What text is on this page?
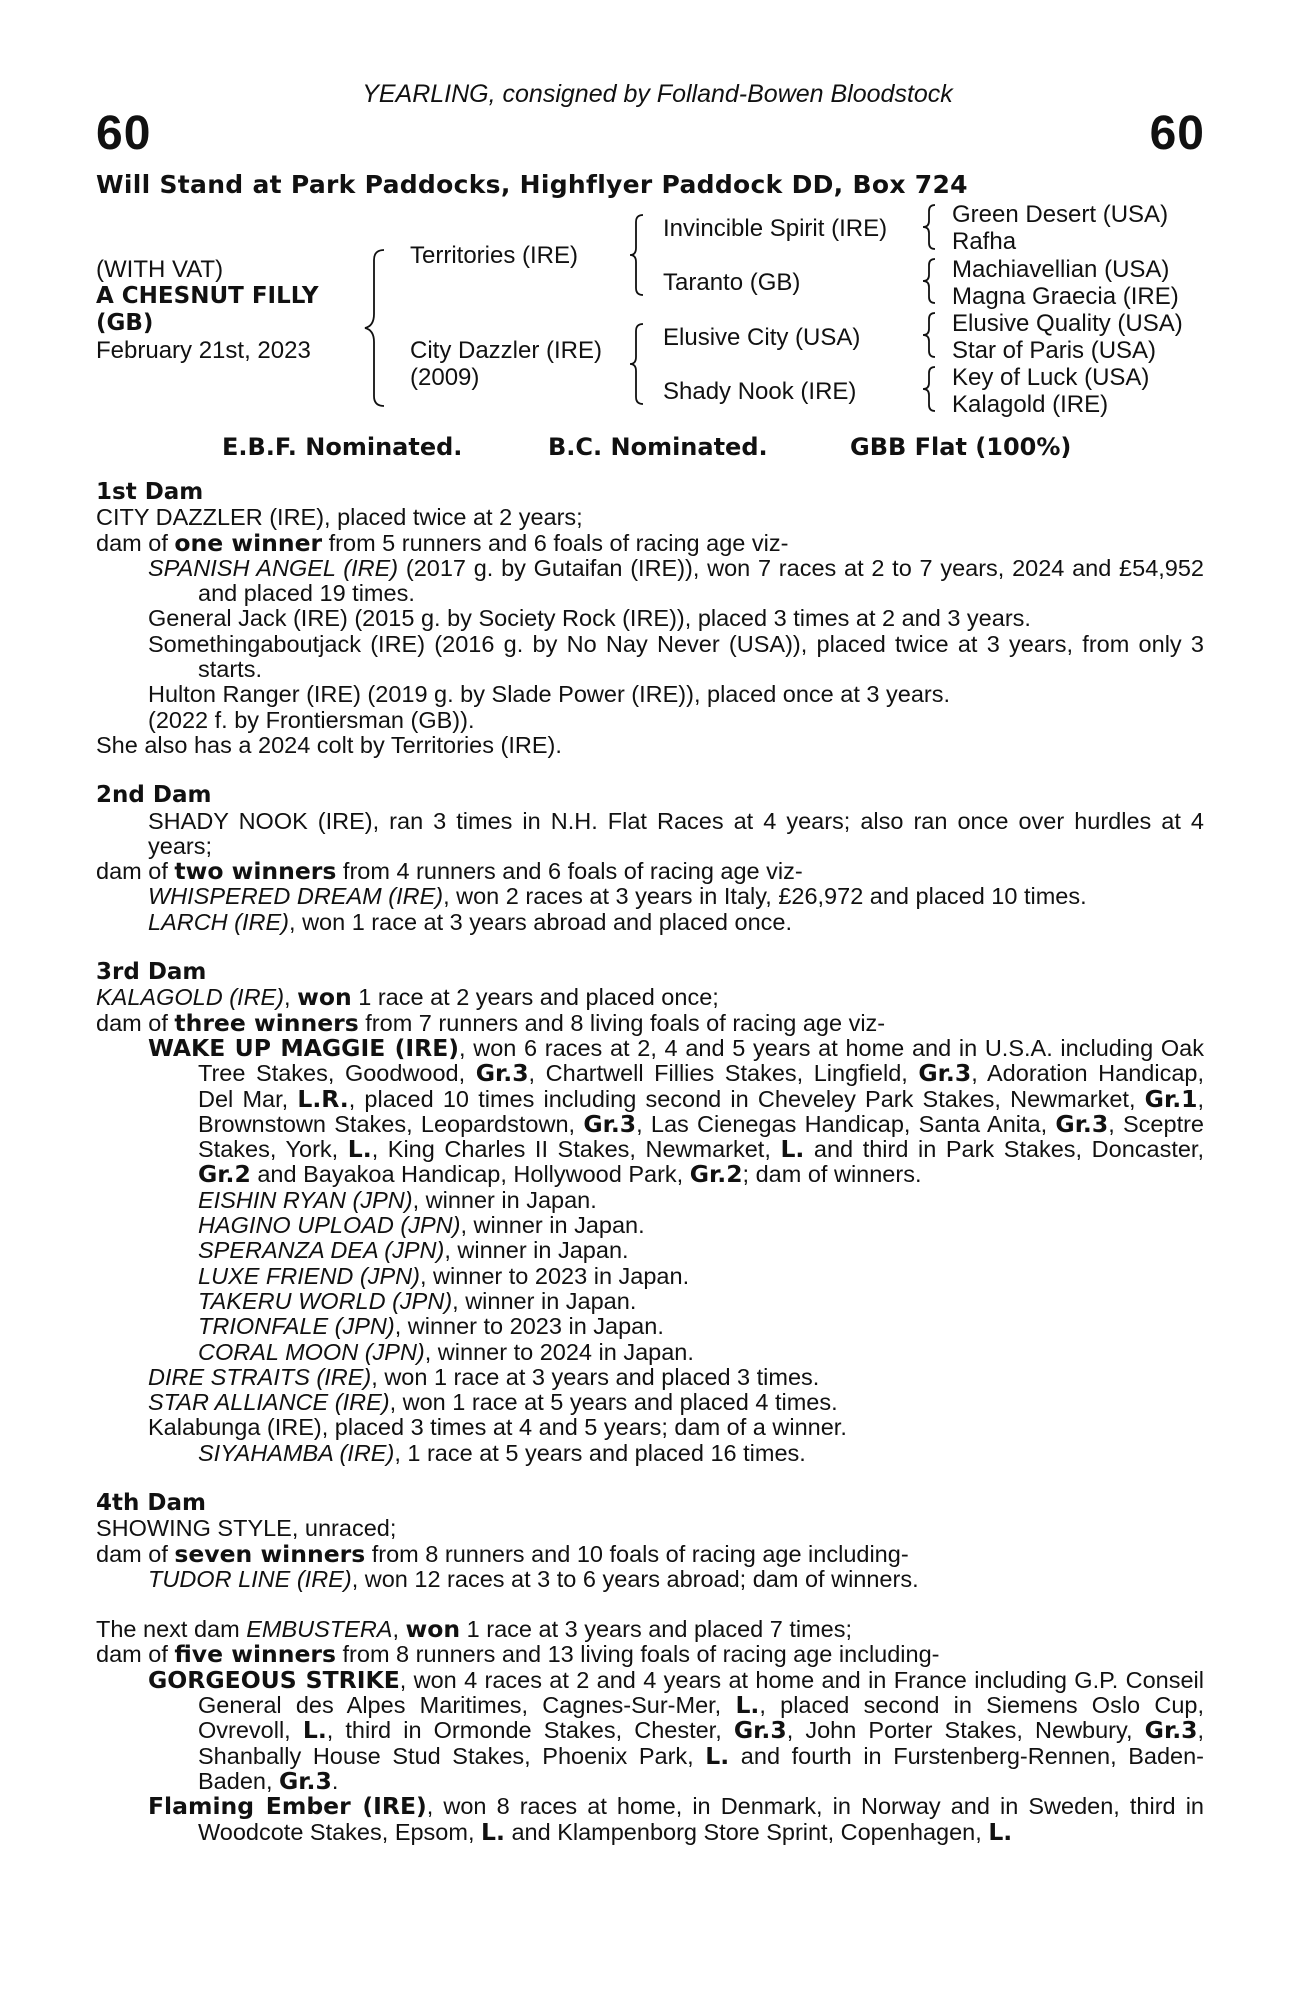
YEARLING, consigned by Folland-Bowen Bloodstock
60	60
Will Stand at Park Paddocks, Highflyer Paddock DD, Box 724
(WITH VAT)
A CHESNUT FILLY
(GB)
February 21st, 2023
Territories (IRE)
City Dazzler (IRE)
(2009)
Invincible Spirit (IRE)
Taranto (GB)
Elusive City (USA)
Shady Nook (IRE)
Green Desert (USA)
Rafha
Machiavellian (USA)
Magna Graecia (IRE)
Elusive Quality (USA)
Star of Paris (USA)
Key of Luck (USA)
Kalagold (IRE)
E.B.F. Nominated.	B.C. Nominated.	GBB Flat (100%)

1st Dam

CITY DAZZLER (IRE), placed twice at 2 years;

dam of one winner from 5 runners and 6 foals of racing age viz-

SPANISH ANGEL (IRE) (2017 g. by Gutaifan (IRE)), won 7 races at 2 to 7 years, 2024 and £54,952 and placed 19 times.

General Jack (IRE) (2015 g. by Society Rock (IRE)), placed 3 times at 2 and 3 years.

Somethingaboutjack (IRE) (2016 g. by No Nay Never (USA)), placed twice at 3 years, from only 3 starts.

Hulton Ranger (IRE) (2019 g. by Slade Power (IRE)), placed once at 3 years.

(2022 f. by Frontiersman (GB)).

She also has a 2024 colt by Territories (IRE).

2nd Dam

SHADY NOOK (IRE), ran 3 times in N.H. Flat Races at 4 years; also ran once over hurdles at 4 years;

dam of two winners from 4 runners and 6 foals of racing age viz-

WHISPERED DREAM (IRE), won 2 races at 3 years in Italy, £26,972 and placed 10 times.

LARCH (IRE), won 1 race at 3 years abroad and placed once.

3rd Dam

KALAGOLD (IRE), won 1 race at 2 years and placed once;

dam of three winners from 7 runners and 8 living foals of racing age viz-

WAKE UP MAGGIE (IRE), won 6 races at 2, 4 and 5 years at home and in U.S.A. including Oak Tree Stakes, Goodwood, Gr.3, Chartwell Fillies Stakes, Lingfield, Gr.3, Adoration Handicap, Del Mar, L.R., placed 10 times including second in Cheveley Park Stakes, Newmarket, Gr.1, Brownstown Stakes, Leopardstown, Gr.3, Las Cienegas Handicap, Santa Anita, Gr.3, Sceptre Stakes, York, L., King Charles II Stakes, Newmarket, L. and third in Park Stakes, Doncaster, Gr.2 and Bayakoa Handicap, Hollywood Park, Gr.2; dam of winners.

EISHIN RYAN (JPN), winner in Japan.

HAGINO UPLOAD (JPN), winner in Japan.

SPERANZA DEA (JPN), winner in Japan.

LUXE FRIEND (JPN), winner to 2023 in Japan.

TAKERU WORLD (JPN), winner in Japan.

TRIONFALE (JPN), winner to 2023 in Japan.

CORAL MOON (JPN), winner to 2024 in Japan.

DIRE STRAITS (IRE), won 1 race at 3 years and placed 3 times.

STAR ALLIANCE (IRE), won 1 race at 5 years and placed 4 times.

Kalabunga (IRE), placed 3 times at 4 and 5 years; dam of a winner.

SIYAHAMBA (IRE), 1 race at 5 years and placed 16 times.

4th Dam

SHOWING STYLE, unraced;

dam of seven winners from 8 runners and 10 foals of racing age including-

TUDOR LINE (IRE), won 12 races at 3 to 6 years abroad; dam of winners.

The next dam EMBUSTERA, won 1 race at 3 years and placed 7 times;

dam of five winners from 8 runners and 13 living foals of racing age including-

GORGEOUS STRIKE, won 4 races at 2 and 4 years at home and in France including G.P. Conseil General des Alpes Maritimes, Cagnes-Sur-Mer, L., placed second in Siemens Oslo Cup, Ovrevoll, L., third in Ormonde Stakes, Chester, Gr.3, John Porter Stakes, Newbury, Gr.3, Shanbally House Stud Stakes, Phoenix Park, L. and fourth in Furstenberg-Rennen, Baden-Baden, Gr.3.

Flaming Ember (IRE), won 8 races at home, in Denmark, in Norway and in Sweden, third in Woodcote Stakes, Epsom, L. and Klampenborg Store Sprint, Copenhagen, L.
